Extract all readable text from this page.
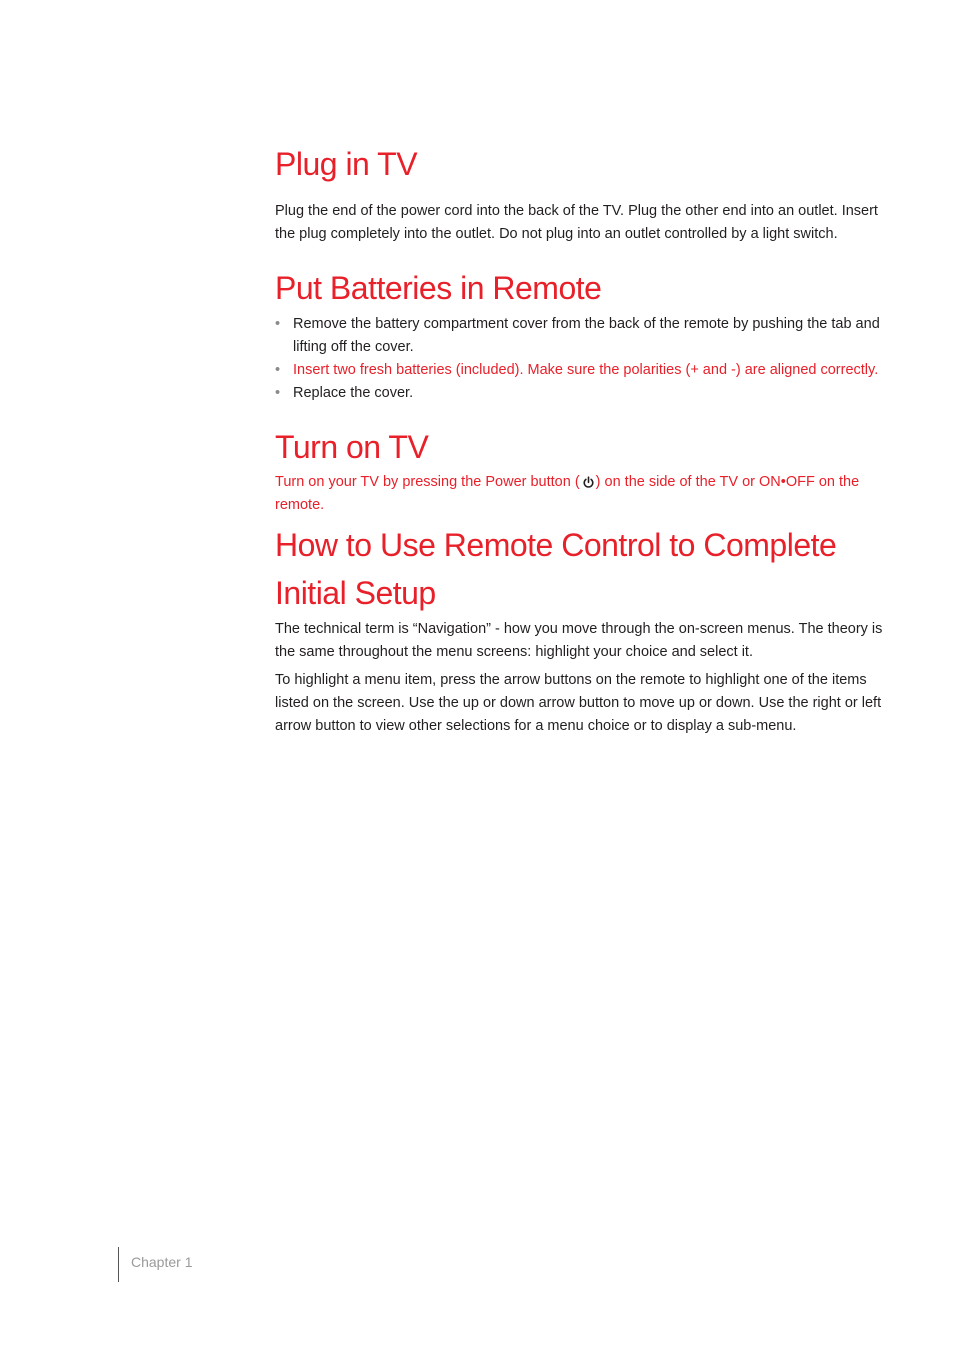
Plug in TV

Plug the end of the power cord into the back of the TV. Plug the other end into an outlet. Insert the plug completely into the outlet. Do not plug into an outlet controlled by a light switch.

Put Batteries in Remote
• Remove the battery compartment cover from the back of the remote by pushing the tab and lifting off the cover.
• Insert two fresh batteries (included). Make sure the polarities (+ and -) are aligned correctly.
• Replace the cover.
Turn on TV

Turn on your TV by pressing the Power button ( ) on the side of the TV or ON•OFF on the remote.

How to Use Remote Control to Complete Initial Setup

The technical term is “Navigation” - how you move through the on-screen menus. The theory is the same throughout the menu screens: highlight your choice and select it.

To highlight a menu item, press the arrow buttons on the remote to highlight one of the items listed on the screen. Use the up or down arrow button to move up or down. Use the right or left arrow button to view other selections for a menu choice or to display a sub-menu.

Chapter 1
